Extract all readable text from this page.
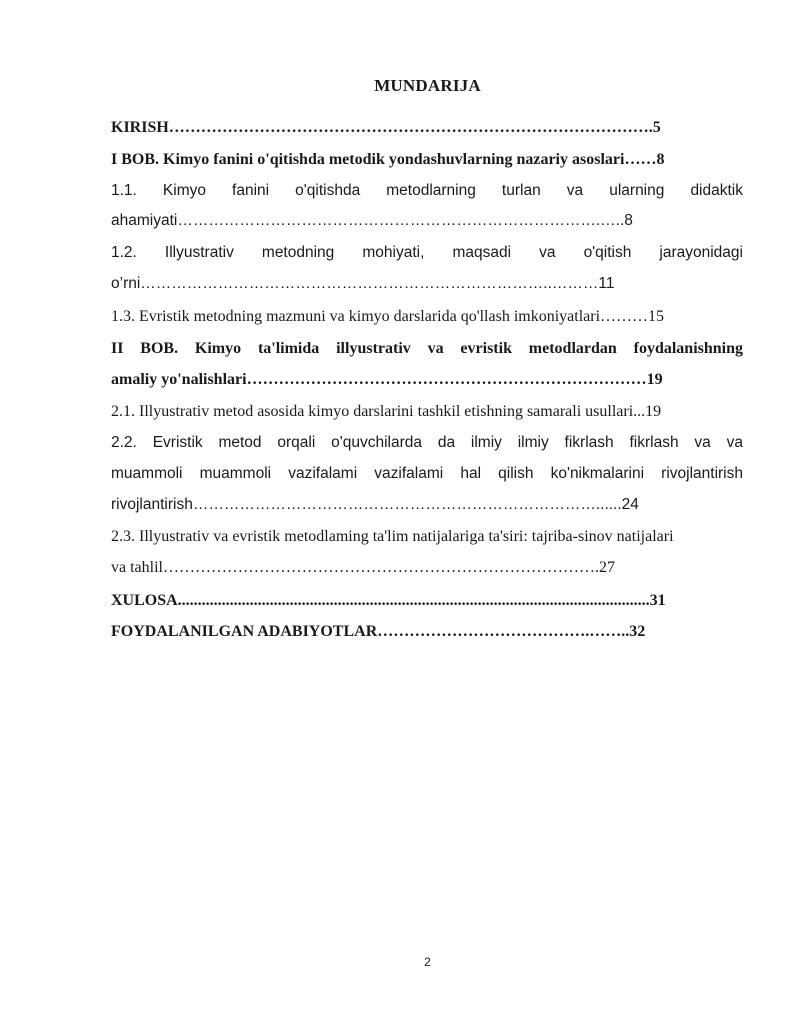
MUNDARIJA
KIRISH……………………………………………………………………………….5
I BOB. Kimyo fanini o'qitishda metodik yondashuvlarning nazariy asoslari……8
1.1. Kimyo fanini o'qitishda metodlarning turlan va ularning didaktik
ahamiyati……………………………………………………………………….…..8
1.2. Illyustrativ metodning mohiyati, maqsadi va o'qitish jarayonidagi
o’rni……………………………………………………………………..………11
1.3. Evristik metodning mazmuni va kimyo darslarida qo'llash imkoniyatlari………15
II BOB. Kimyo ta'limida illyustrativ va evristik metodlardan foydalanishning
amaliy yo'nalishlari…………………………………………………………………19
2.1. Illyustrativ metod asosida kimyo darslarini tashkil etishning samarali usullari...19
2.2. Evristik metod orqali o'quvchilarda da ilmiy ilmiy fikrlash fikrlash va va
muammoli muammoli vazifalami vazifalami hal qilish ko'nikmalarini rivojlantirish
rivojlantirish……………………………………………………………………......24
2.3. Illyustrativ va evristik metodlaming ta'lim natijalariga ta'siri: tajriba-sinov natijalari
va tahlil……………………………………………………………………….27
XULOSA......................................................................................................................31
FOYDALANILGAN ADABIYOTLAR………………………………….……..32
2
